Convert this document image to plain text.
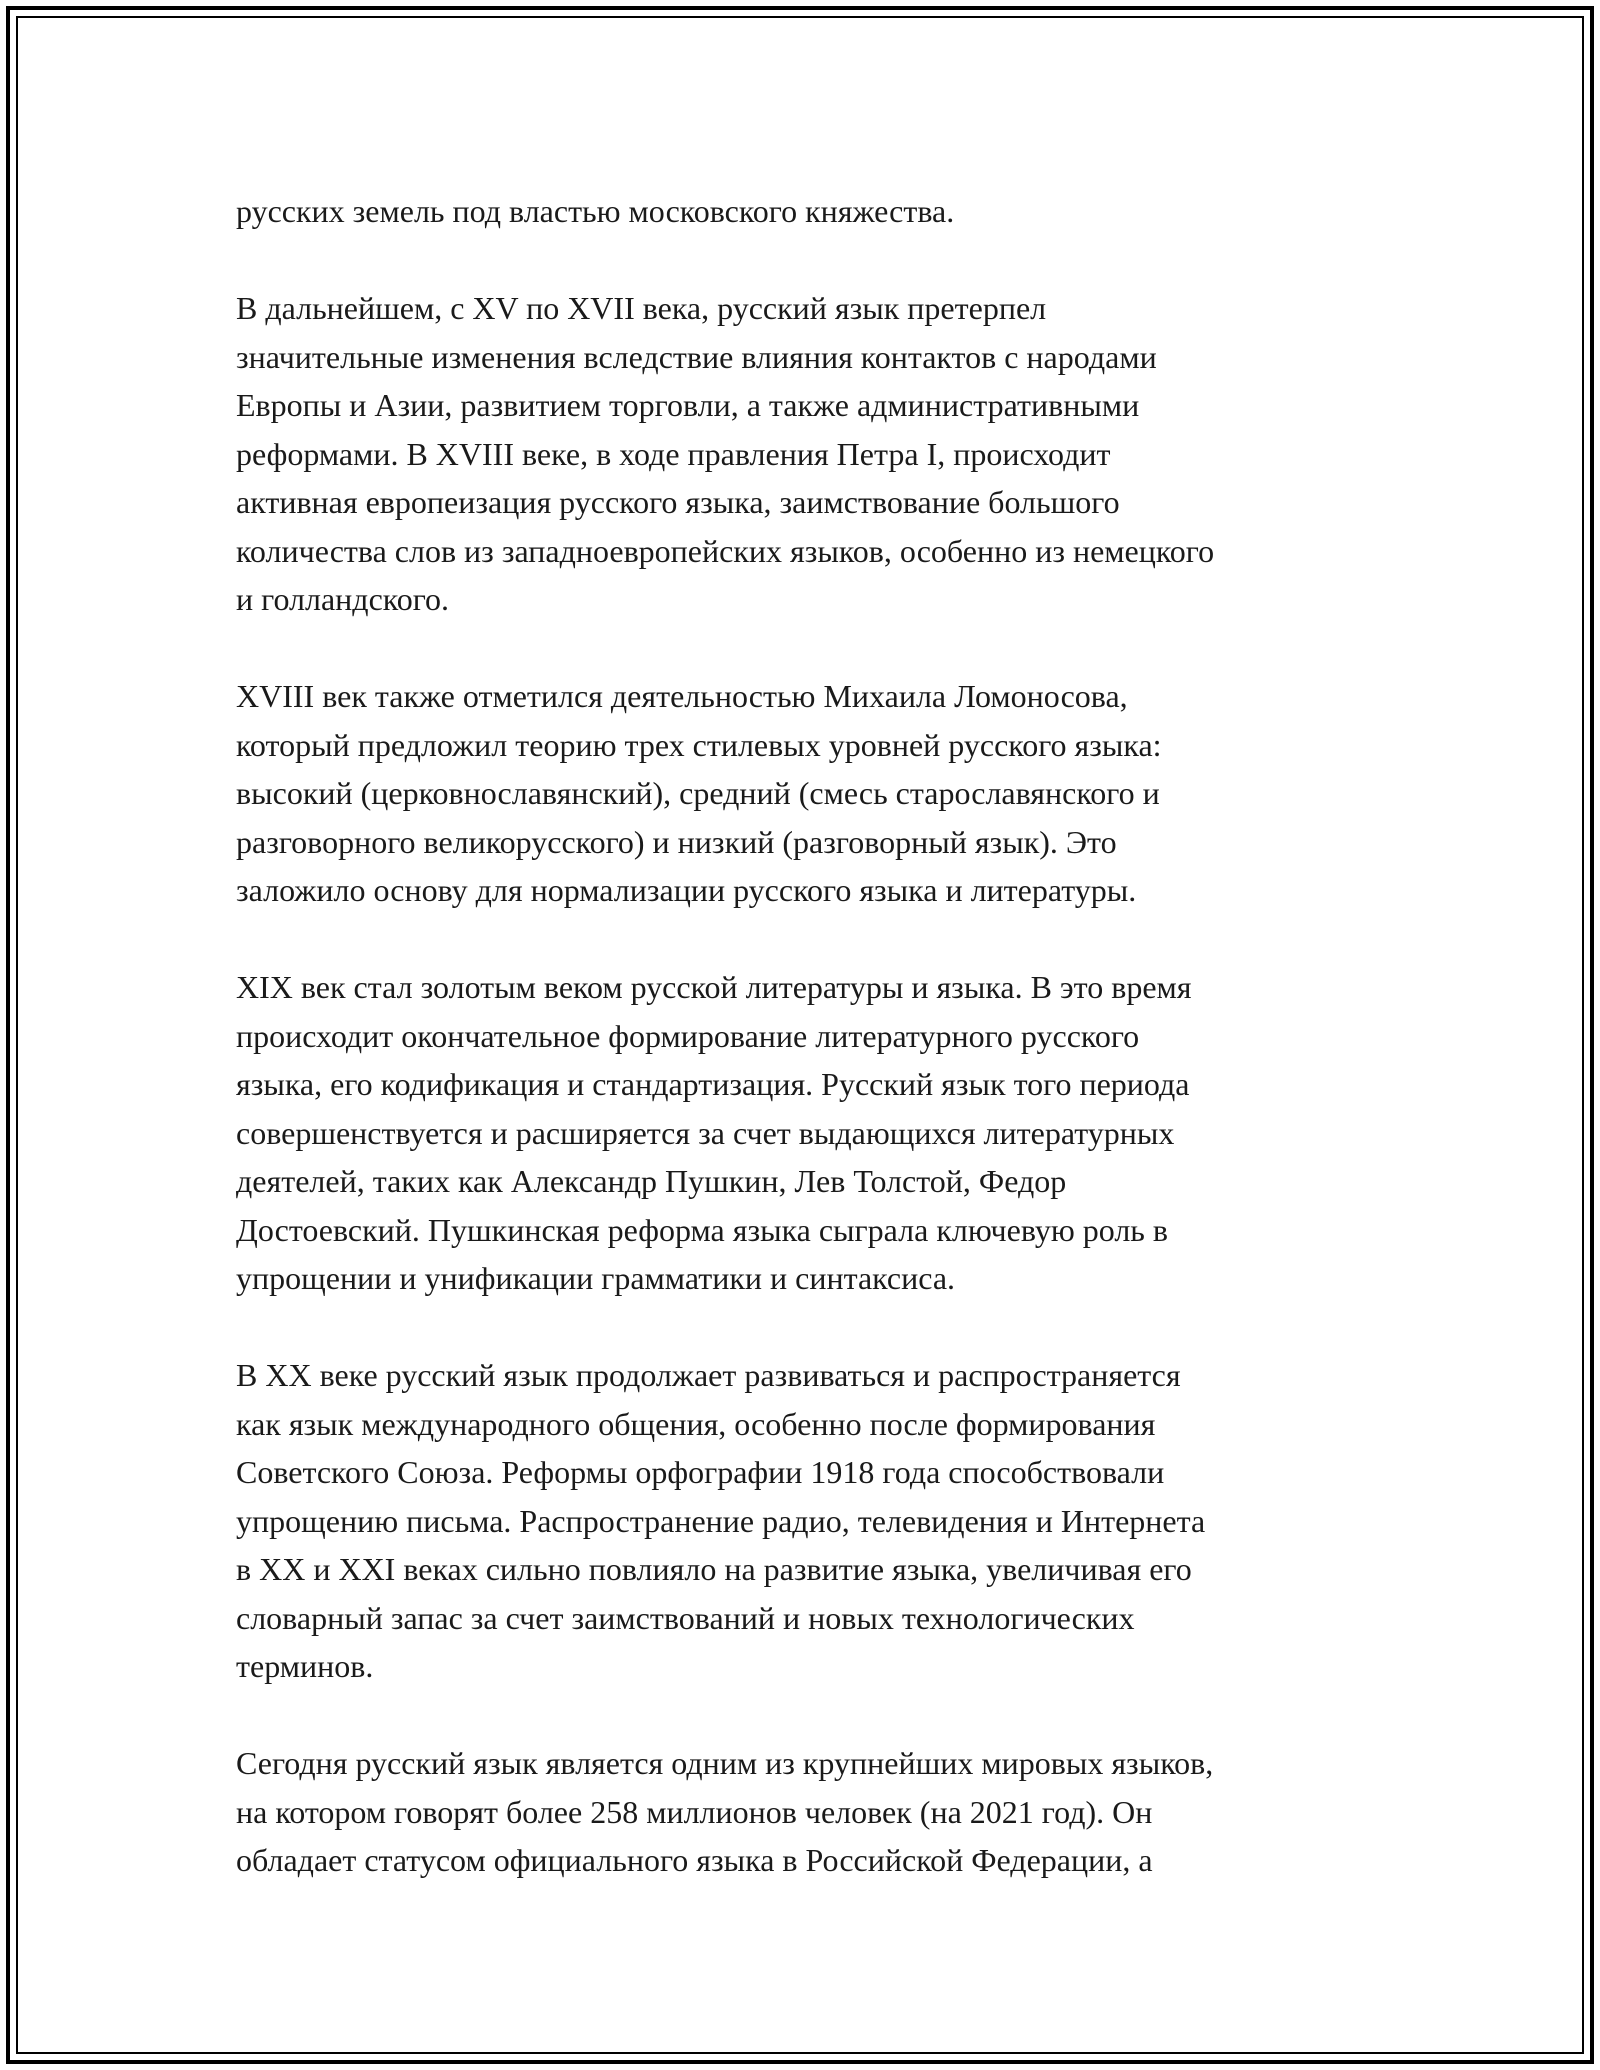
русских земель под властью московского княжества.

В дальнейшем, с XV по XVII века, русский язык претерпел
значительные изменения вследствие влияния контактов с народами
Европы и Азии, развитием торговли, а также административными
реформами. В XVIII веке, в ходе правления Петра I, происходит
активная европеизация русского языка, заимствование большого
количества слов из западноевропейских языков, особенно из немецкого
и голландского.

XVIII век также отметился деятельностью Михаила Ломоносова,
который предложил теорию трех стилевых уровней русского языка:
высокий (церковнославянский), средний (смесь старославянского и
разговорного великорусского) и низкий (разговорный язык). Это
заложило основу для нормализации русского языка и литературы.

XIX век стал золотым веком русской литературы и языка. В это время
происходит окончательное формирование литературного русского
языка, его кодификация и стандартизация. Русский язык того периода
совершенствуется и расширяется за счет выдающихся литературных
деятелей, таких как Александр Пушкин, Лев Толстой, Федор
Достоевский. Пушкинская реформа языка сыграла ключевую роль в
упрощении и унификации грамматики и синтаксиса.

В XX веке русский язык продолжает развиваться и распространяется
как язык международного общения, особенно после формирования
Советского Союза. Реформы орфографии 1918 года способствовали
упрощению письма. Распространение радио, телевидения и Интернета
в XX и XXI веках сильно повлияло на развитие языка, увеличивая его
словарный запас за счет заимствований и новых технологических
терминов.

Сегодня русский язык является одним из крупнейших мировых языков,
на котором говорят более 258 миллионов человек (на 2021 год). Он
обладает статусом официального языка в Российской Федерации, а
